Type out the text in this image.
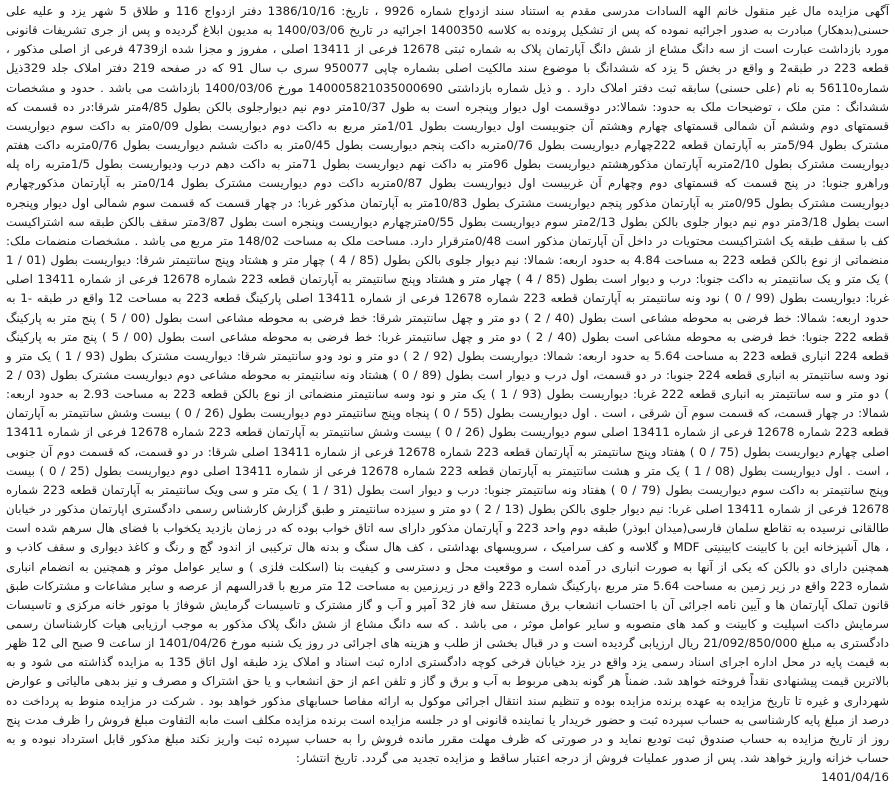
آگهی مزایده مال غیر منقول خانم الهه السادات مدرسی مقدم به استناد سند ازدواج شماره 9926 ، تاریخ: 1386/10/16 دفتر ازدواج 116 و طلاق 5 شهر یزد و علیه علی حسنی(بدهکار) مبادرت به صدور اجرائیه نموده که پس از تشکیل پرونده به کلاسه 1400350 اجرائیه در تاریخ 1400/03/06 به مدیون ابلاغ گردیده و پس از جری تشریفات قانونی مورد بازداشت عبارت است از سه دانگ مشاع از شش دانگ آپارتمان پلاک به شماره ثبتی 12678 فرعی از 13411 اصلی ، مفروز و مجزا شده از4739 فرعی از اصلی مذکور ، قطعه 223 در طبقه2 و واقع در بخش 5 یزد که ششدانگ با موضوع سند مالکیت اصلی بشماره چاپی 950077 سری ب سال 91 که در صفحه 219 دفتر املاک جلد 329ذیل شماره56110 به نام (علی حسنی) سابقه ثبت دفتر املاک دارد . و ذیل شماره بازداشتی 140005821035000690 مورخ 1400/03/06 بازداشت می باشد . حدود و مشخصات ششدانگ : متن ملک ، توضیحات ملک به حدود: شمالا:در دوقسمت اول دیوار وپنجره است به طول 10/37متر دوم نیم دیوارجلوی بالکن بطول 4/85متر شرقا:در ده قسمت که قسمتهای دوم وششم آن شمالی قسمتهای چهارم وهشتم آن جنوبیست اول دیواریست بطول 1/01متر مربع به داکت دوم دیواریست بطول 0/09متر به داکت سوم دیواریست مشترک بطول 5/94متر به آپارتمان قطعه 222چهارم دیواریست بطول 0/76متربه داکت پنجم دیواریست بطول 0/45متر به داکت ششم دیواریست بطول 0/76متربه داکت هفتم دیواریست مشترک بطول 2/10متربه آپارتمان مذکورهشتم دیواریست بطول 96متر به داکت نهم دیواریست بطول 71متر به داکت دهم درب ودیواریست بطول 1/5متربه راه پله وراهرو جنوبا: در پنج قسمت که قسمتهای دوم وچهارم آن غربیست اول دیواریست بطول 0/87متربه داکت دوم دیواریست مشترک بطول 0/14متر به آپارتمان مذکورچهارم دیواریست مشترک بطول 0/95متر به آپارتمان مذکور پنجم دیواریست مشترک بطول 10/83متر به آپارتمان مذکور غربا: در چهار قسمت که قسمت سوم شمالی اول دیوار وپنجره است بطول 3/18متر دوم نیم دیوار جلوی بالکن بطول 2/13متر سوم دیواریست بطول 0/55مترچهارم دیواریست وپنجره است بطول 3/87متر سقف بالکن طبقه سه اشتراکیست کف با سقف طبقه یک اشتراکیست محتویات در داخل آن آپارتمان مذکور است 0/48مترقرار دارد. مساحت ملک به مساحت 148/02 متر مربع می باشد . مشخصات منضمات ملک: منضماتی از نوع بالکن قطعه 223 به مساحت 4.84 به حدود اربعه: شمالا: نیم دیوار جلوی بالکن بطول (85 / 4 ) چهار متر و هشتاد وپنج سانتیمتر شرقا: دیواریست بطول (01 / 1 ) یک متر و یک سانتیمتر به داکت جنوبا: درب و دیوار است بطول (85 / 4 ) چهار متر و هشتاد وپنج سانتیمتر به آپارتمان قطعه 223 شماره 12678 فرعی از شماره 13411 اصلی غربا: دیواریست بطول (99 / 0 ) نود ونه سانتیمتر به آپارتمان قطعه 223 شماره 12678 فرعی از شماره 13411 اصلی پارکینگ قطعه 223 به مساحت 12 واقع در طبقه -1 به حدود اربعه: شمالا: خط فرضی به محوطه مشاعی است بطول (40 / 2 ) دو متر و چهل سانتیمتر شرقا: خط فرضی به محوطه مشاعی است بطول (00 / 5 ) پنج متر به پارکینگ قطعه 222 جنوبا: خط فرضی به محوطه مشاعی است بطول (40 / 2 ) دو متر و چهل سانتیمتر غربا: خط فرضی به محوطه مشاعی است بطول (00 / 5 ) پنج متر به پارکینگ قطعه 224 انباری قطعه 223 به مساحت 5.64 به حدود اربعه: شمالا: دیواریست بطول (92 / 2 ) دو متر و نود ودو سانتیمتر شرقا: دیواریست مشترک بطول (93 / 1 ) یک متر و نود وسه سانتیمتر به انباری قطعه 224 جنوبا: در دو قسمت، اول درب و دیوار است بطول (89 / 0 ) هشتاد ونه سانتیمتر به محوطه مشاعی دوم دیواریست مشترک بطول (03 / 2 ) دو متر و سه سانتیمتر به انباری قطعه 222 غربا: دیواریست بطول (93 / 1 ) یک متر و نود وسه سانتیمتر منضماتی از نوع بالکن قطعه 223 به مساحت 2.93 به حدود اربعه: شمالا: در چهار قسمت، که قسمت سوم آن شرقی ، است . اول دیواریست بطول (55 / 0 ) پنجاه وپنج سانتیمتر دوم دیواریست بطول (26 / 0 ) بیست وشش سانتیمتر به آپارتمان قطعه 223 شماره 12678 فرعی از شماره 13411 اصلی سوم دیواریست بطول (26 / 0 ) بیست وشش سانتیمتر به آپارتمان قطعه 223 شماره 12678 فرعی از شماره 13411 اصلی چهارم دیواریست بطول (75 / 0 ) هفتاد وپنج سانتیمتر به آپارتمان قطعه 223 شماره 12678 فرعی از شماره 13411 اصلی شرقا: در دو قسمت، که قسمت دوم آن جنوبی ، است . اول دیواریست بطول (08 / 1 ) یک متر و هشت سانتیمتر به آپارتمان قطعه 223 شماره 12678 فرعی از شماره 13411 اصلی دوم دیواریست بطول (25 / 0 ) بیست وپنج سانتیمتر به داکت سوم دیواریست بطول (79 / 0 ) هفتاد ونه سانتیمتر جنوبا: درب و دیوار است بطول (31 / 1 ) یک متر و سی ویک سانتیمتر به آپارتمان قطعه 223 شماره 12678 فرعی از شماره 13411 اصلی غربا: نیم دیوار جلوی بالکن بطول (13 / 2 ) دو متر و سیزده سانتیمتر و طبق گزارش کارشناس رسمی دادگستری اپارتمان مذکور در خیابان طالقانی نرسیده به تقاطع سلمان فارسی(میدان ابوذر) طبقه دوم واحد 223 و آپارتمان مذکور دارای سه اتاق خواب بوده که در زمان بازدید یکخواب با فضای هال سرهم شده است ، هال آشپزخانه این با کابینت کابینیتی MDF و گلاسه و کف سرامیک ، سرویسهای بهداشتی ، کف هال سنگ و بدنه هال ترکیبی از اندود گچ و رنگ و کاغذ دیواری و سقف کاذب و همچنین دارای دو بالکن که یکی از آنها به صورت انباری در آمده است و موقعیت محل و دسترسی و کیفیت بنا (اسکلت فلزی ) و سایر عوامل موثر و همچنین به انضمام انباری شماره 223 واقع در زیر زمین به مساحت 5.64 متر مربع ،پارکینگ شماره 223 واقع در زیرزمین به مساحت 12 متر مربع با قدرالسهم از عرصه و سایر مشاعات و مشترکات طبق قانون تملک آپارتمان ها و آیین نامه اجرائی آن با احتساب انشعاب برق مستقل سه فاز 32 آمپر و آب و گاز مشترک و تاسیسات گرمایش شوفاژ با موتور خانه مرکزی و تاسیسات سرمایش داکت اسپلیت و کابینت و کمد های منصوبه و سایر عوامل موثر ، می باشد . که سه دانگ مشاع از شش دانگ پلاک مذکور به موجب ارزیابی هیات کارشناسان رسمی دادگستری به مبلغ 21/092/850/000 ریال ارزیابی گردیده است و در قبال بخشی از طلب و هزینه های اجرائی در روز یک شنبه مورخ 1401/04/26 از ساعت 9 صبح الی 12 ظهر به قیمت پایه در محل اداره اجرای اسناد رسمی یزد واقع در یزد خیابان فرخی کوچه دادگستری اداره ثبت اسناد و املاک یزد طبقه اول اتاق 135 به مزایده گذاشته می شود و به بالاترین قیمت پیشنهادی نقداً فروخته خواهد شد. ضمناً هر گونه بدهی مربوط به آب و برق و گاز و تلفن اعم از حق انشعاب و یا حق اشتراک و مصرف و نیز بدهی مالیاتی و عوارض شهرداری و غیره تا تاریخ مزایده به عهده برنده مزایده بوده و تنظیم سند انتقال اجرائی موکول به ارائه مفاصا حسابهای مذکور خواهد بود . شرکت در مزایده منوط به پرداخت ده درصد از مبلغ پایه کارشناسی به حساب سپرده ثبت و حضور خریدار یا نماینده قانونی او در جلسه مزایده است برنده مزایده مکلف است مابه التفاوت مبلغ فروش را ظرف مدت پنج روز از تاریخ مزایده به حساب صندوق ثبت تودیع نماید و در صورتی که ظرف مهلت مقرر مانده فروش را به حساب سپرده ثبت واریز نکند مبلغ مذکور قابل استرداد نبوده و به حساب خزانه واریز خواهد شد. پس از صدور عملیات فروش از درجه اعتبار ساقط و مزایده تجدید می گردد. تاریخ انتشار:

1401/04/16
